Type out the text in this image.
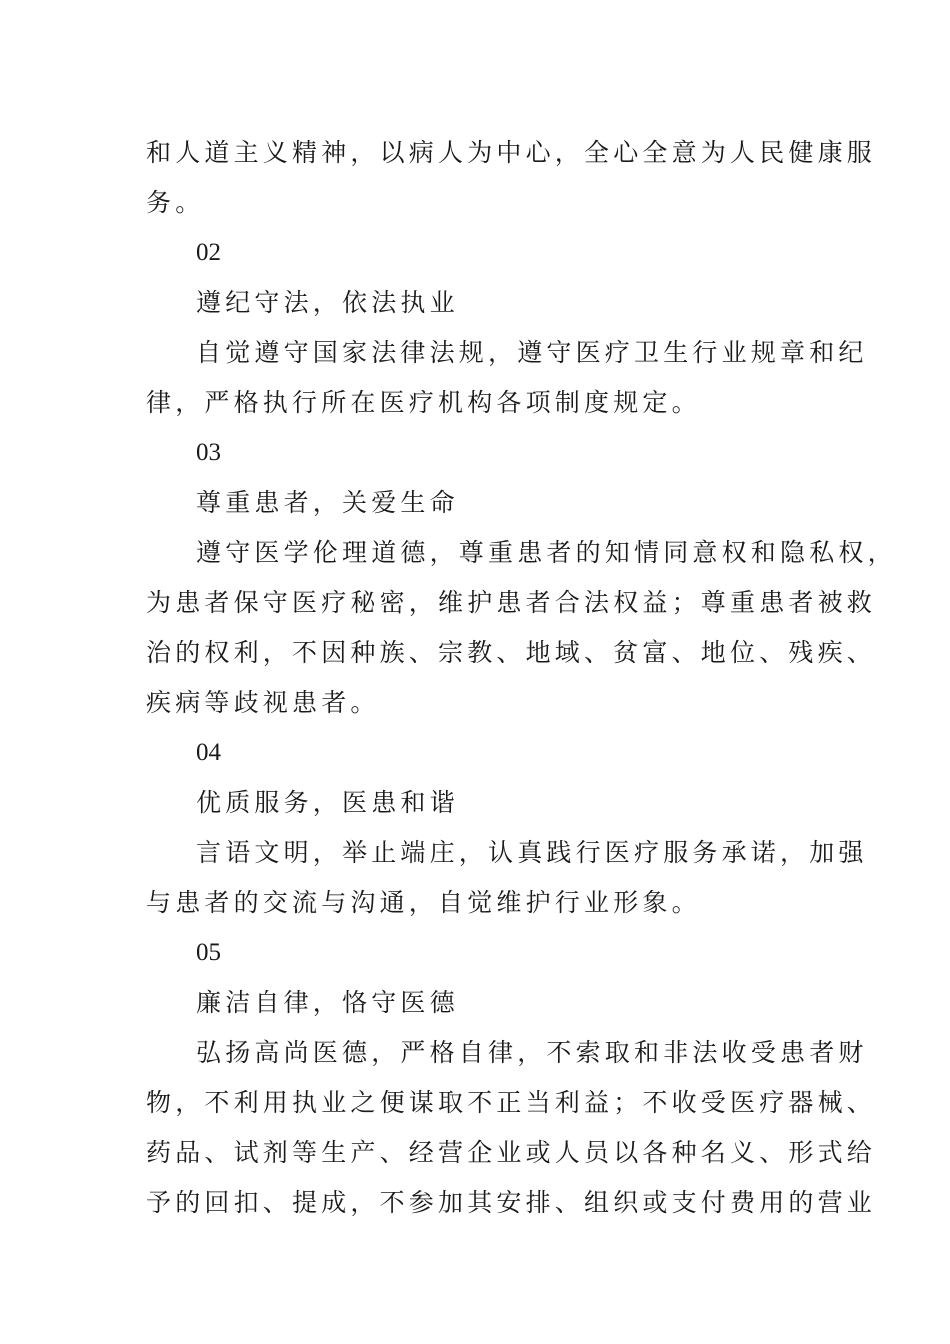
和人道主义精神，以病人为中心，全心全意为人民健康服
务。
02
遵纪守法，依法执业
自觉遵守国家法律法规，遵守医疗卫生行业规章和纪
律，严格执行所在医疗机构各项制度规定。
03
尊重患者，关爱生命
遵守医学伦理道德，尊重患者的知情同意权和隐私权，
为患者保守医疗秘密，维护患者合法权益；尊重患者被救
治的权利，不因种族、宗教、地域、贫富、地位、残疾、
疾病等歧视患者。
04
优质服务，医患和谐
言语文明，举止端庄，认真践行医疗服务承诺，加强
与患者的交流与沟通，自觉维护行业形象。
05
廉洁自律，恪守医德
弘扬高尚医德，严格自律，不索取和非法收受患者财
物，不利用执业之便谋取不正当利益；不收受医疗器械、
药品、试剂等生产、经营企业或人员以各种名义、形式给
予的回扣、提成，不参加其安排、组织或支付费用的营业
